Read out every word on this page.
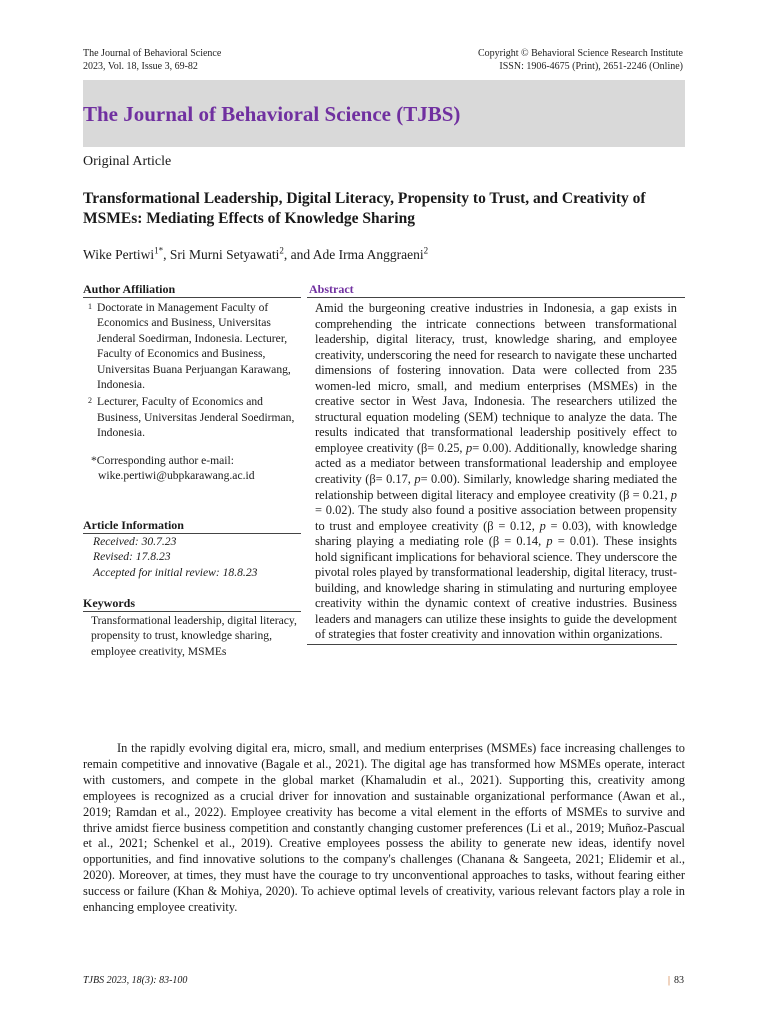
The Journal of Behavioral Science
2023, Vol. 18, Issue 3, 69-82
Copyright © Behavioral Science Research Institute
ISSN: 1906-4675 (Print), 2651-2246 (Online)
The Journal of Behavioral Science (TJBS)
Original Article
Transformational Leadership, Digital Literacy, Propensity to Trust, and Creativity of MSMEs: Mediating Effects of Knowledge Sharing
Wike Pertiwi$^{1*}$, Sri Murni Setyawati$^2$, and Ade Irma Anggraeni$^2$
Author Affiliation
1 Doctorate in Management Faculty of Economics and Business, Universitas Jenderal Soedirman, Indonesia. Lecturer, Faculty of Economics and Business, Universitas Buana Perjuangan Karawang, Indonesia.
2 Lecturer, Faculty of Economics and Business, Universitas Jenderal Soedirman, Indonesia.
*Corresponding author e-mail:
wike.pertiwi@ubpkarawang.ac.id
Article Information
Received: 30.7.23
Revised: 17.8.23
Accepted for initial review: 18.8.23
Keywords
Transformational leadership, digital literacy, propensity to trust, knowledge sharing, employee creativity, MSMEs
Abstract
Amid the burgeoning creative industries in Indonesia, a gap exists in comprehending the intricate connections between transformational leadership, digital literacy, trust, knowledge sharing, and employee creativity, underscoring the need for research to navigate these uncharted dimensions of fostering innovation. Data were collected from 235 women-led micro, small, and medium enterprises (MSMEs) in the creative sector in West Java, Indonesia. The researchers utilized the structural equation modeling (SEM) technique to analyze the data. The results indicated that transformational leadership positively effect to employee creativity (β= 0.25, p= 0.00). Additionally, knowledge sharing acted as a mediator between transformational leadership and employee creativity (β= 0.17, p= 0.00). Similarly, knowledge sharing mediated the relationship between digital literacy and employee creativity (β = 0.21, p = 0.02). The study also found a positive association between propensity to trust and employee creativity (β = 0.12, p = 0.03), with knowledge sharing playing a mediating role (β = 0.14, p = 0.01). These insights hold significant implications for behavioral science. They underscore the pivotal roles played by transformational leadership, digital literacy, trust-building, and knowledge sharing in stimulating and nurturing employee creativity within the dynamic context of creative industries. Business leaders and managers can utilize these insights to guide the development of strategies that foster creativity and innovation within organizations.
In the rapidly evolving digital era, micro, small, and medium enterprises (MSMEs) face increasing challenges to remain competitive and innovative (Bagale et al., 2021). The digital age has transformed how MSMEs operate, interact with customers, and compete in the global market (Khamaludin et al., 2021). Supporting this, creativity among employees is recognized as a crucial driver for innovation and sustainable organizational performance (Awan et al., 2019; Ramdan et al., 2022). Employee creativity has become a vital element in the efforts of MSMEs to survive and thrive amidst fierce business competition and constantly changing customer preferences (Li et al., 2019; Muñoz-Pascual et al., 2021; Schenkel et al., 2019). Creative employees possess the ability to generate new ideas, identify novel opportunities, and find innovative solutions to the company's challenges (Chanana & Sangeeta, 2021; Elidemir et al., 2020). Moreover, at times, they must have the courage to try unconventional approaches to tasks, without fearing either success or failure (Khan & Mohiya, 2020). To achieve optimal levels of creativity, various relevant factors play a role in enhancing employee creativity.
TJBS 2023, 18(3): 83-100	| 83
